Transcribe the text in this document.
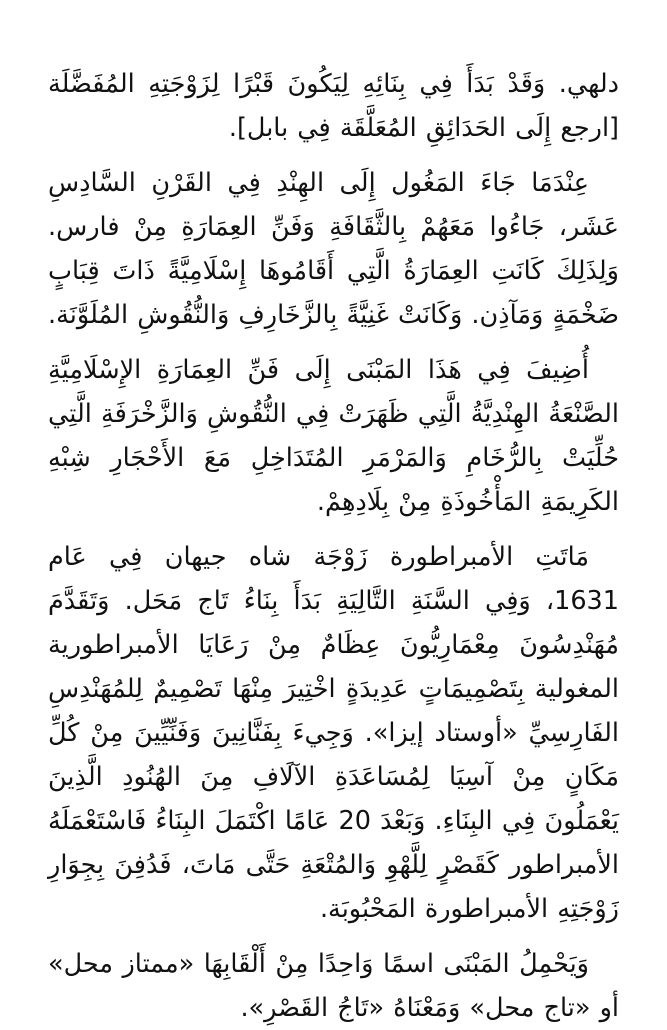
دلهي. وَقَدْ بَدَأَ فِي بِنَائِهِ لِيَكُونَ قَبْرًا لِزَوْجَتِهِ المُفَضَّلَة [ارجع إِلَى الحَدَائِقِ المُعَلَّقَة فِي بابل].

عِنْدَمَا جَاءَ المَغُول إِلَى الهِنْدِ فِي القَرْنِ السَّادِسِ عَشَر، جَاءُوا مَعَهُمْ بِالثَّقَافَةِ وَفَنِّ العِمَارَةِ مِنْ فارس. وَلِذَلِكَ كَانَتِ العِمَارَةُ الَّتِي أَقَامُوهَا إِسْلَامِيَّةً ذَاتَ قِبَابٍ ضَخْمَةٍ وَمَآذِن. وَكَانَتْ غَنِيَّةً بِالزَّخَارِفِ وَالنُّقُوشِ المُلَوَّنَة.

أُضِيفَ فِي هَذَا المَبْنَى إِلَى فَنِّ العِمَارَةِ الإِسْلَامِيَّةِ الصَّنْعَةُ الهِنْدِيَّةُ الَّتِي ظَهَرَتْ فِي النُّقُوشِ وَالزَّخْرَفَةِ الَّتِي حُلِّيَتْ بِالرُّخَامِ وَالمَرْمَرِ المُتَدَاخِلِ مَعَ الأَحْجَارِ شِبْهِ الكَرِيمَةِ المَأْخُوذَةِ مِنْ بِلَادِهِمْ.

مَاتَتِ الأمبراطورة زَوْجَة شاه جيهان فِي عَام 1631، وَفِي السَّنَةِ التَّالِيَةِ بَدَأَ بِنَاءُ تَاج مَحَل. وَتَقَدَّمَ مُهَنْدِسُونَ مِعْمَارِيُّونَ عِظَامٌ مِنْ رَعَايَا الأمبراطورية المغولية بِتَصْمِيمَاتٍ عَدِيدَةٍ اخْتِيرَ مِنْهَا تَصْمِيمٌ لِلمُهَنْدِسِ الفَارِسِيِّ «أوستاد إيزا». وَجِيءَ بِفَنَّانِينَ وَفَنِّيِّينَ مِنْ كُلِّ مَكَانٍ مِنْ آسِيَا لِمُسَاعَدَةِ الآلَافِ مِنَ الهُنُودِ الَّذِينَ يَعْمَلُونَ فِي البِنَاءِ. وَبَعْدَ 20 عَامًا اكْتَمَلَ البِنَاءُ فَاسْتَعْمَلَهُ الأمبراطور كَقَصْرٍ لِلَّهْوِ وَالمُتْعَةِ حَتَّى مَاتَ، فَدُفِنَ بِجِوَارِ زَوْجَتِهِ الأمبراطورة المَحْبُوبَة.

وَيَحْمِلُ المَبْنَى اسمًا وَاحِدًا مِنْ أَلْقَابِهَا «ممتاز محل» أو «تاج محل» وَمَعْنَاهُ «تَاجُ القَصْرِ».
